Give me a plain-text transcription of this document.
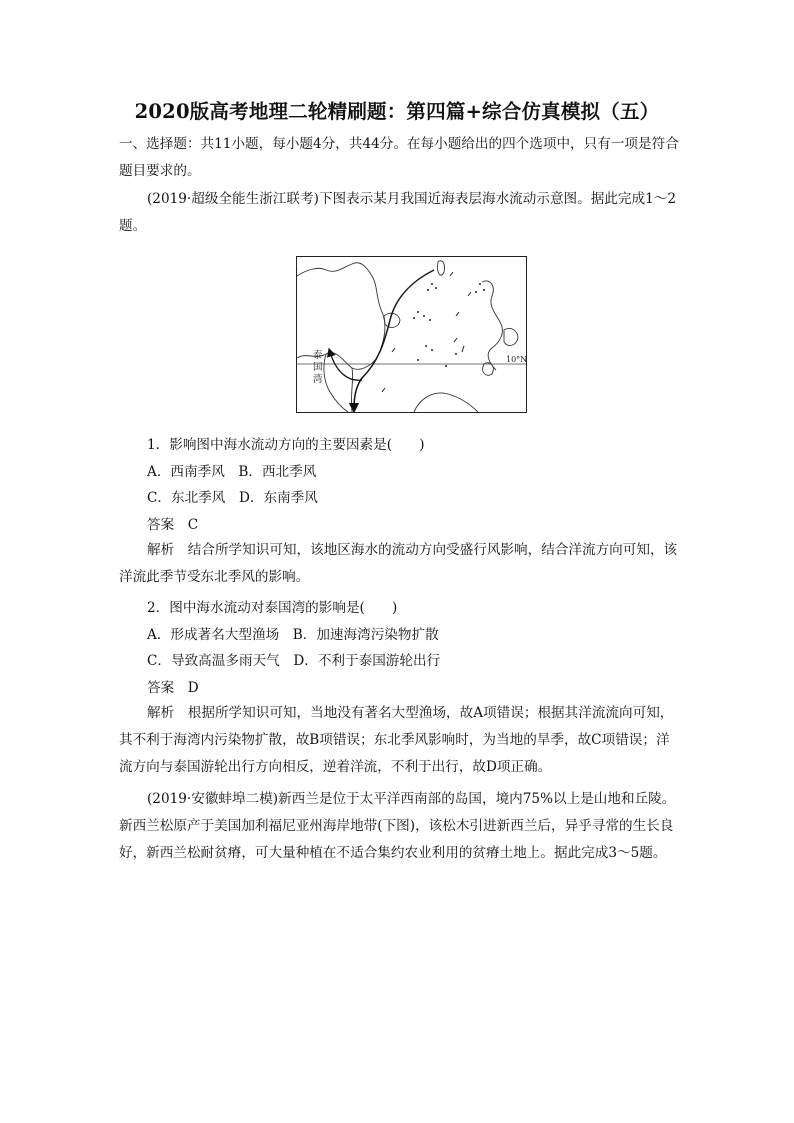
2020版高考地理二轮精刷题：第四篇+综合仿真模拟（五）

一、选择题：共11小题，每小题4分，共44分。在每小题给出的四个选项中，只有一项是符合题目要求的。

(2019·超级全能生浙江联考)下图表示某月我国近海表层海水流动示意图。据此完成1～2题。

泰
国
湾
10°N
1．影响图中海水流动方向的主要因素是(　　)
A．西南季风　B．西北季风
C．东北季风　D．东南季风
答案　C

解析　结合所学知识可知，该地区海水的流动方向受盛行风影响，结合洋流方向可知，该洋流此季节受东北季风的影响。

2．图中海水流动对泰国湾的影响是(　　)
A．形成著名大型渔场　B．加速海湾污染物扩散
C．导致高温多雨天气　D．不利于泰国游轮出行
答案　D

解析　根据所学知识可知，当地没有著名大型渔场，故A项错误；根据其洋流流向可知，其不利于海湾内污染物扩散，故B项错误；东北季风影响时，为当地的旱季，故C项错误；洋流方向与泰国游轮出行方向相反，逆着洋流，不利于出行，故D项正确。

(2019·安徽蚌埠二模)新西兰是位于太平洋西南部的岛国，境内75%以上是山地和丘陵。新西兰松原产于美国加利福尼亚州海岸地带(下图)，该松木引进新西兰后，异乎寻常的生长良好，新西兰松耐贫瘠，可大量种植在不适合集约农业利用的贫瘠土地上。据此完成3～5题。
